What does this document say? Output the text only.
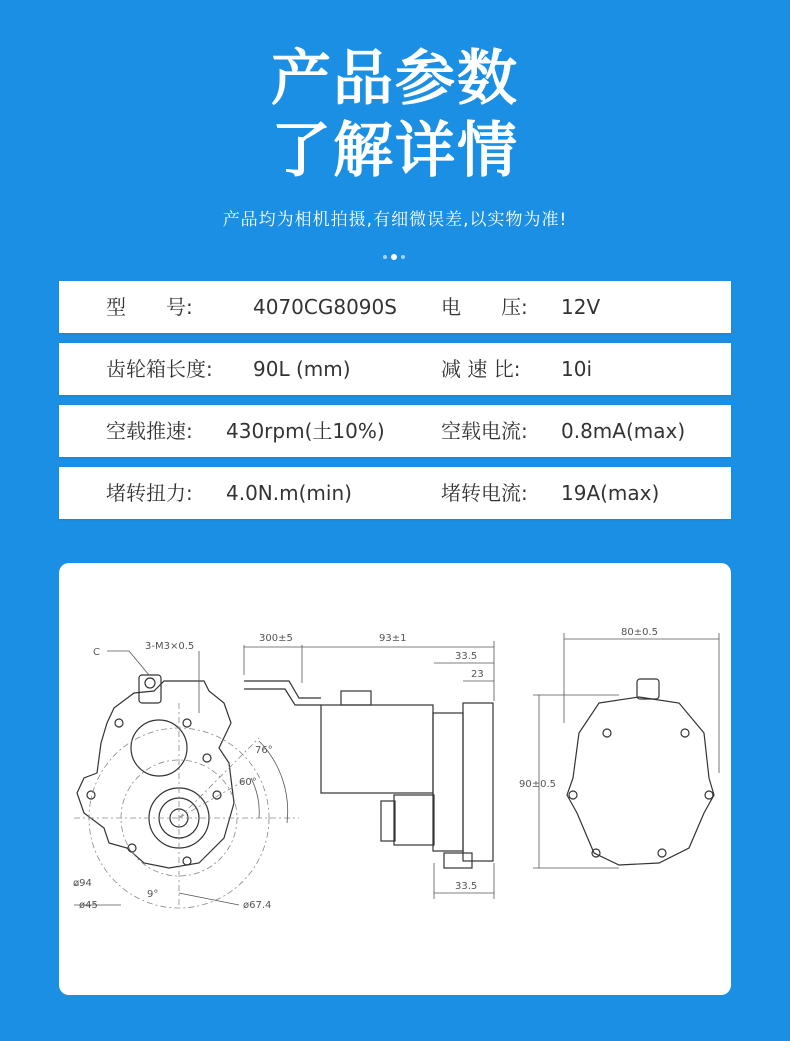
产品参数
了解详情
产品均为相机拍摄,有细微误差,以实物为准!
型　　号:	4070CG8090S 电　　压: 12V
齿轮箱长度: 90L (mm)	减 速 比: 10i
空载推速: 430rpm(土10%)	空载电流: 0.8mA(max)
堵转扭力: 4.0N.m(min)	堵转电流: 19A(max)
C
3-M3×0.5
76°
60°
9°
ø94
ø45	ø67.4
300±5	93±1
33.5
23
33.5
80±0.5
90±0.5
